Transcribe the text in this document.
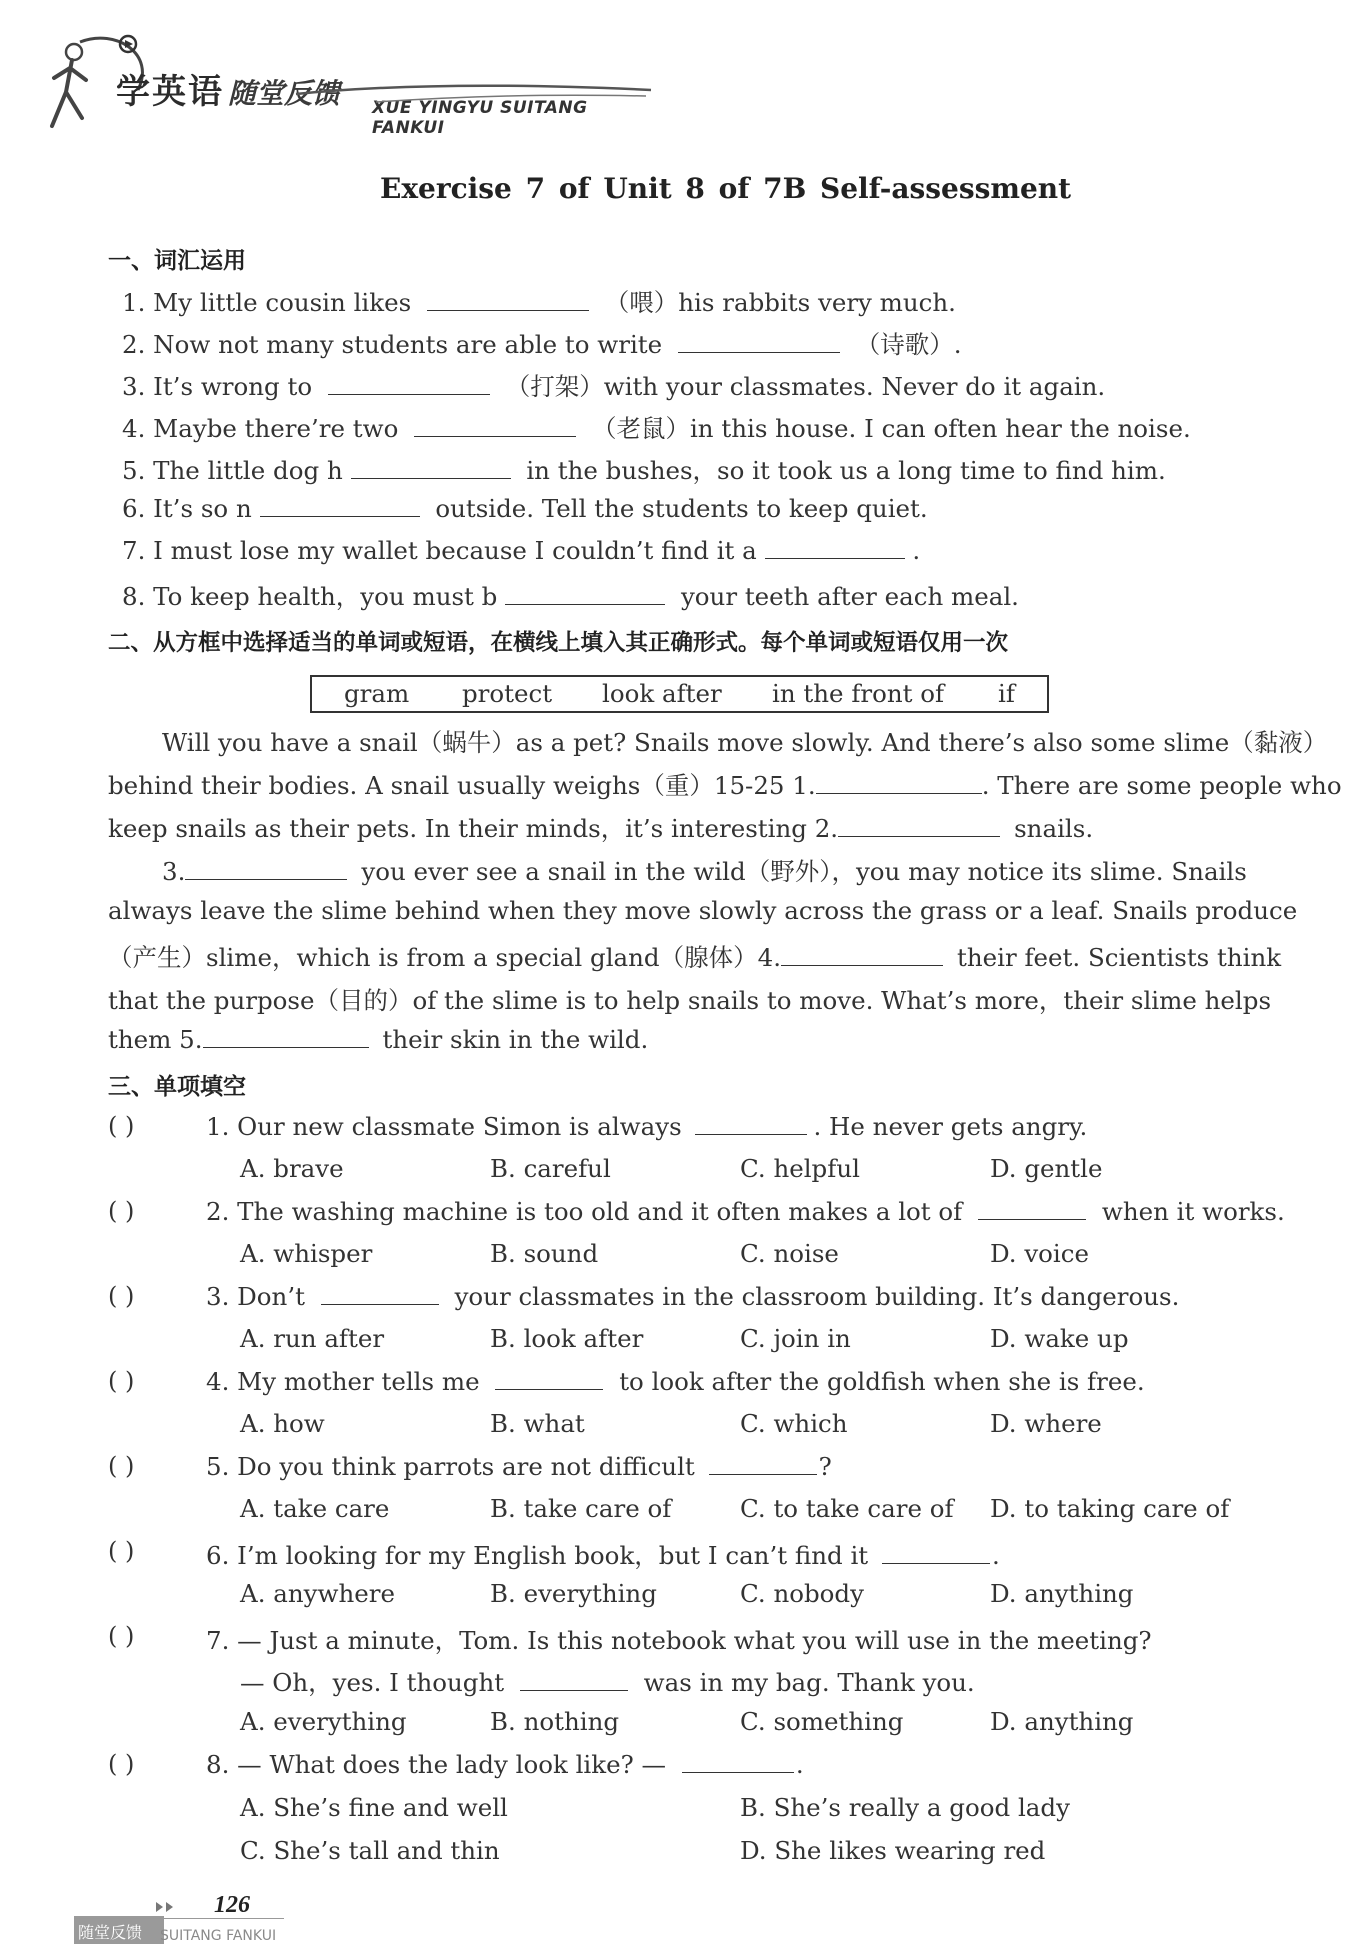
学英语 随堂反馈 XUE YINGYU SUITANG FANKUI
Exercise 7 of Unit 8 of 7B Self-assessment
一、词汇运用
1. My little cousin likes	（喂）his rabbits very much.
2. Now not many students are able to write	（诗歌）.
3. It’s wrong to	（打架）with your classmates. Never do it again.
4. Maybe there’re two	（老鼠）in this house. I can often hear the noise.
5. The little dog h	in the bushes，so it took us a long time to find him.
6. It’s so n	outside. Tell the students to keep quiet.
7. I must lose my wallet because I couldn’t find it a	.
8. To keep health，you must b	your teeth after each meal.
二、从方框中选择适当的单词或短语，在横线上填入其正确形式。每个单词或短语仅用一次
gram protect look after in the front of if
Will you have a snail（蜗牛）as a pet? Snails move slowly. And there’s also some slime（黏液）
behind their bodies. A snail usually weighs（重）15-25 1.	. There are some people who
keep snails as their pets. In their minds，it’s interesting 2.	snails.
3.	you ever see a snail in the wild（野外），you may notice its slime. Snails
always leave the slime behind when they move slowly across the grass or a leaf. Snails produce
（产生）slime，which is from a special gland（腺体）4.	their feet. Scientists think
that the purpose（目的）of the slime is to help snails to move. What’s more，their slime helps
them 5.	their skin in the wild.
三、单项填空
( )	1. Our new classmate Simon is always	. He never gets angry.
A. brave	B. careful	C. helpful	D. gentle
( )	2. The washing machine is too old and it often makes a lot of	when it works.
A. whisper	B. sound	C. noise	D. voice
( )	3. Don’t	your classmates in the classroom building. It’s dangerous.
A. run after	B. look after	C. join in	D. wake up
( )	4. My mother tells me	to look after the goldfish when she is free.
A. how	B. what	C. which	D. where
( )	5. Do you think parrots are not difficult	?
A. take care	B. take care of	C. to take care of D. to taking care of
( )	6. I’m looking for my English book，but I can’t find it	.
A. anywhere	B. everything	C. nobody	D. anything
( )	7. — Just a minute，Tom. Is this notebook what you will use in the meeting?
— Oh，yes. I thought	was in my bag. Thank you.
A. everything	B. nothing	C. something	D. anything
( )	8. — What does the lady look like? —	.
A. She’s fine and well	B. She’s really a good lady
C. She’s tall and thin	D. She likes wearing red
126
随堂反馈 SUITANG FANKUI
